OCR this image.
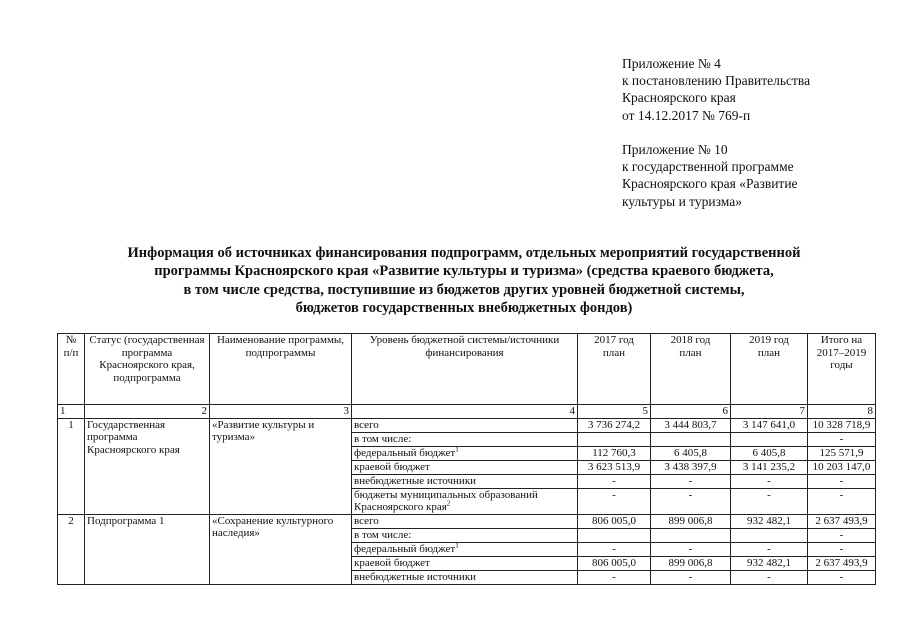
Приложение № 4
к постановлению Правительства
Красноярского края
от 14.12.2017 № 769-п
Приложение № 10
к государственной программе
Красноярского края «Развитие
культуры и туризма»
Информация об источниках финансирования подпрограмм, отдельных мероприятий государственной
программы Красноярского края «Развитие культуры и туризма» (средства краевого бюджета,
в том числе средства, поступившие из бюджетов других уровней бюджетной системы,
бюджетов государственных внебюджетных фондов)
№ п/п	Статус (государственная программа Красноярского края, подпрограмма	Наименование программы, подпрограммы	Уровень бюджетной системы/источники финансирования	2017 год	2018 год	2019 год	Итого на 2017–2019 годы
				план	план	план	
1	2	3	4	5	6	7	8
1	Государственная программа Красноярского края	«Развитие культуры и туризма»	всего	3 736 274,2	3 444 803,7	3 147 641,0	10 328 718,9
			в том числе:				-
			федеральный бюджет$^1$	112 760,3	6 405,8	6 405,8	125 571,9
			краевой бюджет	3 623 513,9	3 438 397,9	3 141 235,2	10 203 147,0
			внебюджетные источники	-	-	-	-
			бюджеты муниципальных образований Красноярского края$^2$	-	-	-	-
2	Подпрограмма 1	«Сохранение культурного наследия»	всего	806 005,0	899 006,8	932 482,1	2 637 493,9
			в том числе:				-
			федеральный бюджет$^1$	-	-	-	-
			краевой бюджет	806 005,0	899 006,8	932 482,1	2 637 493,9
			внебюджетные источники	-	-	-	-
